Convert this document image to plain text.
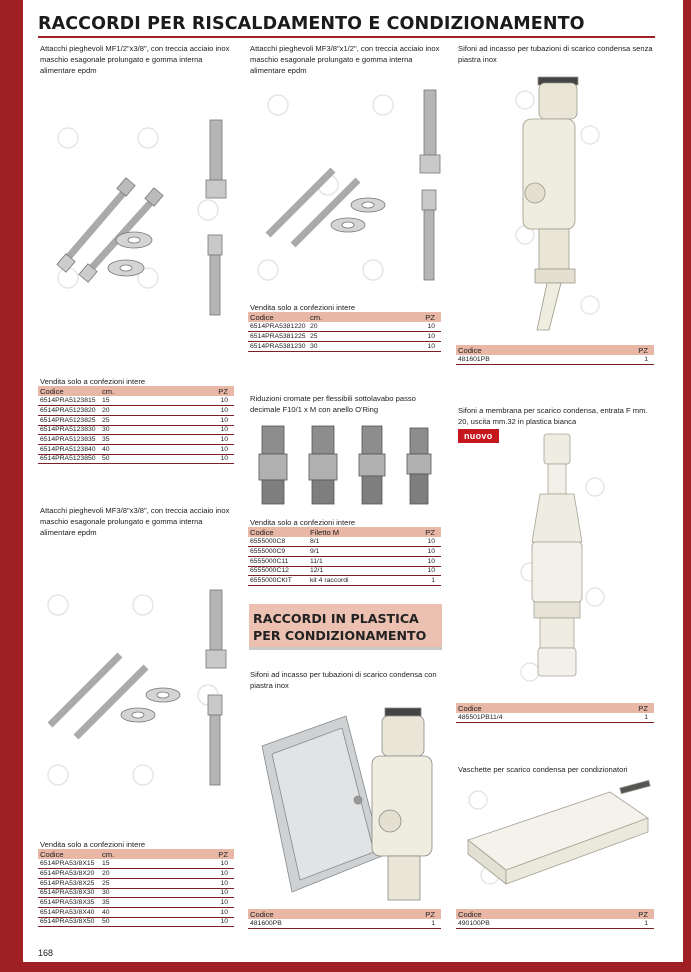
RACCORDI PER RISCALDAMENTO E CONDIZIONAMENTO
Attacchi pieghevoli MF1/2"x3/8", con treccia acciaio inox maschio esagonale prolungato e gomma interna alimentare epdm
Vendita solo a confezioni intere
Codice	cm.	PZ
6514PRA5123815	15	10
6514PRA5123820	20	10
6514PRA5123825	25	10
6514PRA5123830	30	10
6514PRA5123835	35	10
6514PRA5123840	40	10
6514PRA5123850	50	10
Attacchi pieghevoli MF3/8"x1/2", con treccia acciaio inox maschio esagonale prolungato e gomma interna alimentare epdm
Vendita solo a confezioni intere
Codice	cm.	PZ
6514PRA5381220	20	10
6514PRA5381225	25	10
6514PRA5381230	30	10
Sifoni ad incasso per tubazioni di scarico condensa senza piastra inox
Codice	PZ
481601PB	1
Riduzioni cromate per flessibili sottolavabo passo decimale F10/1 x M con anello O'Ring
Vendita solo a confezioni intere
Codice	Filetto M	PZ
6555000C8	8/1	10
6555000C9	9/1	10
6555000C11	11/1	10
6555000C12	12/1	10
6555000CKIT	kit 4 raccordi	1
Sifoni a membrana per scarico condensa, entrata F mm. 20, uscita mm.32 in plastica bianca
nuovo
Codice	PZ
485501PB11/4	1
Attacchi pieghevoli MF3/8"x3/8", con treccia acciaio inox maschio esagonale prolungato e gomma interna alimentare epdm
Vendita solo a confezioni intere
Codice	cm.	PZ
6514PRA53/8X15	15	10
6514PRA53/8X20	20	10
6514PRA53/8X25	25	10
6514PRA53/8X30	30	10
6514PRA53/8X35	35	10
6514PRA53/8X40	40	10
6514PRA53/8X50	50	10
RACCORDI IN PLASTICA PER CONDIZIONAMENTO
Sifoni ad incasso per tubazioni di scarico condensa con piastra inox
Codice	PZ
481600PB	1
Vaschette per scarico condensa per condizionatori
Codice	PZ
490100PB	1
168
